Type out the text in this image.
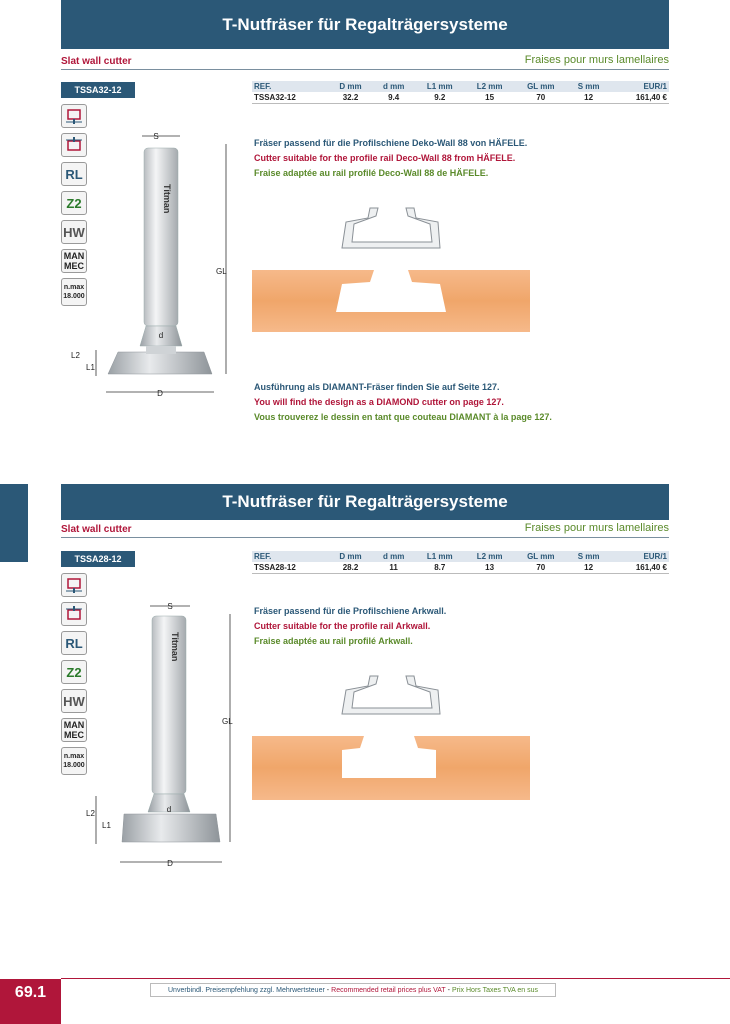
T-Nutfräser für Regalträgersysteme
Slat wall cutter	Fraises pour murs lamellaires
TSSA32-12	REF.	D mm	d mm	L1 mm	L2 mm	GL mm	S mm	EUR/1
TSSA32-12	32.2	9.4	9.2	15	70	12	161,40 €
RL
Z2
HW
MAN
MEC
n.max
18.000
S
Titman
d
D
GL
L2
L1
Fräser passend für die Profilschiene Deko-Wall 88 von HÄFELE.
Cutter suitable for the profile rail Deco-Wall 88 from HÄFELE.
Fraise adaptée au rail profilé Deco-Wall 88 de HÄFELE.
Ausführung als DIAMANT-Fräser finden Sie auf Seite 127.
You will find the design as a DIAMOND cutter on page 127.
Vous trouverez le dessin en tant que couteau DIAMANT à la page 127.
T-Nutfräser für Regalträgersysteme
Slat wall cutter	Fraises pour murs lamellaires
TSSA28-12	REF.	D mm	d mm	L1 mm	L2 mm	GL mm	S mm	EUR/1
TSSA28-12	28.2	11	8.7	13	70	12	161,40 €
RL
Z2
HW
MAN
MEC
n.max
18.000
S
Titman
d
D
GL
L2
L1
Fräser passend für die Profilschiene Arkwall.
Cutter suitable for the profile rail Arkwall.
Fraise adaptée au rail profilé Arkwall.
69.1	Unverbindl. Preisempfehlung zzgl. Mehrwertsteuer - Recommended retail prices plus VAT - Prix Hors Taxes TVA en sus
